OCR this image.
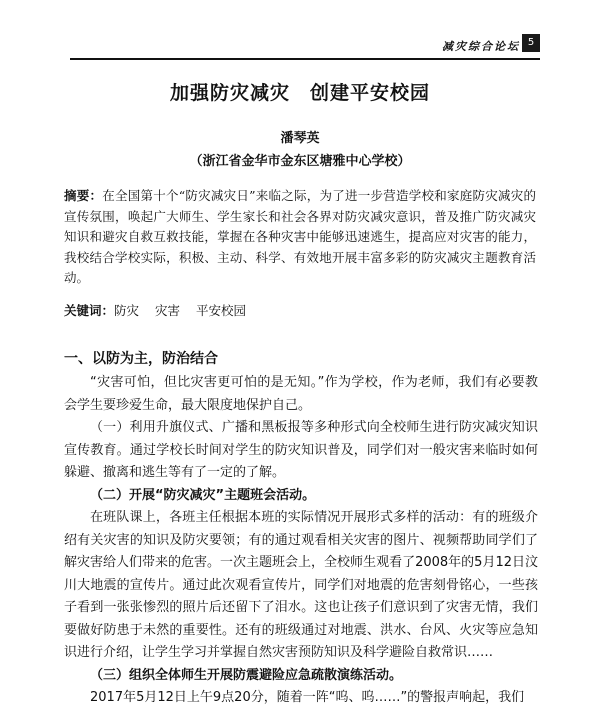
减灾综合论坛 5
加强防灾减灾　创建平安校园
潘琴英
（浙江省金华市金东区塘雅中心学校）
摘要：在全国第十个“防灾减灾日”来临之际，为了进一步营造学校和家庭防灾减灾的宣传氛围，唤起广大师生、学生家长和社会各界对防灾减灾意识，普及推广防灾减灾知识和避灾自救互救技能，掌握在各种灾害中能够迅速逃生，提高应对灾害的能力，我校结合学校实际，积极、主动、科学、有效地开展丰富多彩的防灾减灾主题教育活动。
关键词：防灾 灾害 平安校园
一、以防为主，防治结合

“灾害可怕，但比灾害更可怕的是无知。”作为学校，作为老师，我们有必要教会学生要珍爱生命，最大限度地保护自己。

（一）利用升旗仪式、广播和黑板报等多种形式向全校师生进行防灾减灾知识宣传教育。通过学校长时间对学生的防灾知识普及，同学们对一般灾害来临时如何躲避、撤离和逃生等有了一定的了解。

（二）开展“防灾减灾”主题班会活动。

在班队课上，各班主任根据本班的实际情况开展形式多样的活动：有的班级介绍有关灾害的知识及防灾要领；有的通过观看相关灾害的图片、视频帮助同学们了解灾害给人们带来的危害。一次主题班会上，全校师生观看了2008年的5月12日汶川大地震的宣传片。通过此次观看宣传片，同学们对地震的危害刻骨铭心，一些孩子看到一张张惨烈的照片后还留下了泪水。这也让孩子们意识到了灾害无情，我们要做好防患于未然的重要性。还有的班级通过对地震、洪水、台风、火灾等应急知识进行介绍，让学生学习并掌握自然灾害预防知识及科学避险自救常识……

（三）组织全体师生开展防震避险应急疏散演练活动。

2017年5月12日上午9点20分，随着一阵“呜、呜……”的警报声响起，我们
